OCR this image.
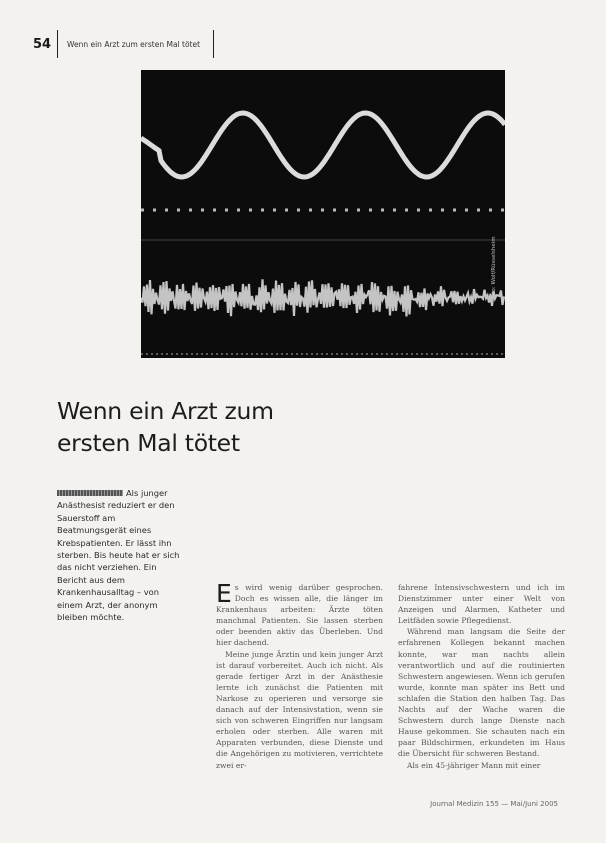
54 Wenn ein Arzt zum ersten Mal tötet
Foto: Wolf/Rüsselsheim
Wenn ein Arzt zum
ersten Mal tötet
Als junger Anästhesist reduziert er den Sauerstoff am Beatmungsgerät eines Krebspatienten. Er lässt ihn sterben. Bis heute hat er sich das nicht verziehen. Ein Bericht aus dem Krankenhausalltag – von einem Arzt, der anonym bleiben möchte.

Es wird wenig darüber gesprochen. Doch es wissen alle, die länger im Krankenhaus arbeiten: Ärzte töten manchmal Patienten. Sie lassen sterben oder beenden aktiv das Überleben. Und hier dachend.

Meine junge Ärztin und kein junger Arzt ist darauf vorbereitet. Auch ich nicht. Als gerade fertiger Arzt in der Anästhesie lernte ich zunächst die Patienten mit Narkose zu operieren und versorge sie danach auf der Intensivstation, wenn sie sich von schweren Eingriffen nur langsam erholen oder sterben. Alle waren mit Apparaten verbunden, diese Dienste und die Angehörigen zu motivieren, verrichtete zwei er-

fahrene Intensivschwestern und ich im Dienstzimmer unter einer Welt von Anzeigen und Alarmen, Katheter und Leitfäden sowie Pflegedienst.

Während man langsam die Seite der erfahrenen Kollegen bekannt machen konnte, war man nachts allein verantwortlich und auf die routinierten Schwestern angewiesen. Wenn ich gerufen wurde, konnte man später ins Bett und schlafen die Station den halben Tag. Das Nachts auf der Wache waren die Schwestern durch lange Dienste nach Hause gekommen. Sie schauten nach ein paar Bildschirmen, erkundeten im Haus die Übersicht für schweren Bestand.

Als ein 45-jähriger Mann mit einer

Journal Medizin 155 — Mai/Juni 2005
